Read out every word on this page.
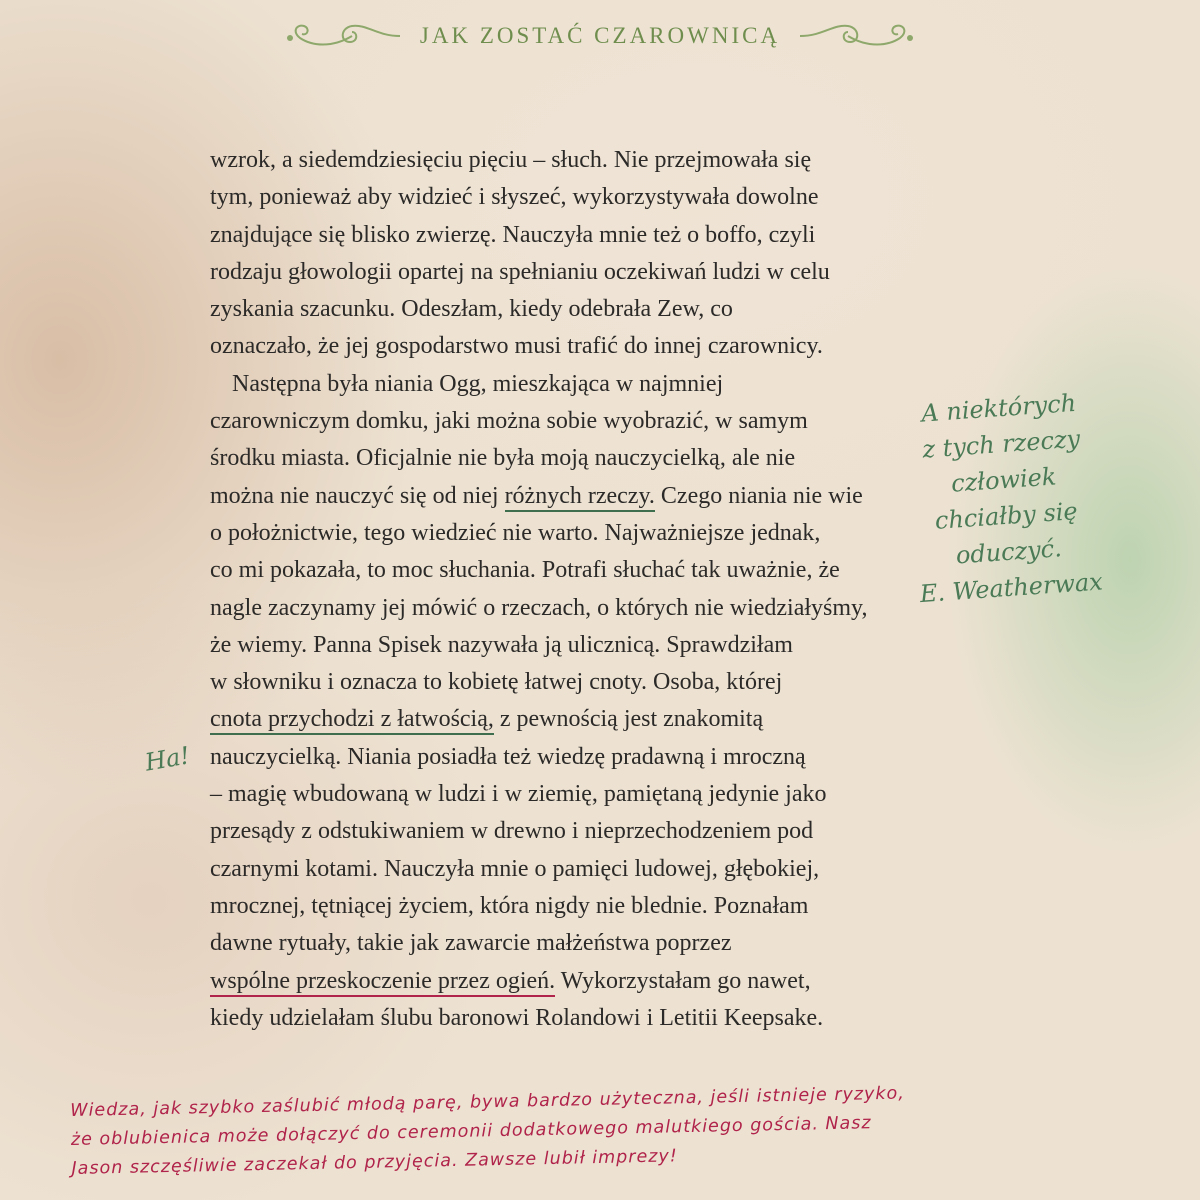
JAK ZOSTAĆ CZAROWNICĄ
wzrok, a siedemdziesięciu pięciu – słuch. Nie przejmowała się
tym, ponieważ aby widzieć i słyszeć, wykorzystywała dowolne
znajdujące się blisko zwierzę. Nauczyła mnie też o boffo, czyli
rodzaju głowologii opartej na spełnianiu oczekiwań ludzi w celu
zyskania szacunku. Odeszłam, kiedy odebrała Zew, co
oznaczało, że jej gospodarstwo musi trafić do innej czarownicy.
Następna była niania Ogg, mieszkająca w najmniej
czarowniczym domku, jaki można sobie wyobrazić, w samym
środku miasta. Oficjalnie nie była moją nauczycielką, ale nie
można nie nauczyć się od niej różnych rzeczy. Czego niania nie wie
o położnictwie, tego wiedzieć nie warto. Najważniejsze jednak,
co mi pokazała, to moc słuchania. Potrafi słuchać tak uważnie, że
nagle zaczynamy jej mówić o rzeczach, o których nie wiedziałyśmy,
że wiemy. Panna Spisek nazywała ją ulicznicą. Sprawdziłam
w słowniku i oznacza to kobietę łatwej cnoty. Osoba, której
cnota przychodzi z łatwością, z pewnością jest znakomitą
nauczycielką. Niania posiadła też wiedzę pradawną i mroczną
– magię wbudowaną w ludzi i w ziemię, pamiętaną jedynie jako
przesądy z odstukiwaniem w drewno i nieprzechodzeniem pod
czarnymi kotami. Nauczyła mnie o pamięci ludowej, głębokiej,
mrocznej, tętniącej życiem, która nigdy nie blednie. Poznałam
dawne rytuały, takie jak zawarcie małżeństwa poprzez
wspólne przeskoczenie przez ogień. Wykorzystałam go nawet,
kiedy udzielałam ślubu baronowi Rolandowi i Letitii Keepsake.
A niektórych
z tych rzeczy
człowiek
chciałby się
oduczyć.
E. Weatherwax
Ha!
Wiedza, jak szybko zaślubić młodą parę, bywa bardzo użyteczna, jeśli istnieje ryzyko,
że oblubienica może dołączyć do ceremonii dodatkowego malutkiego gościa. Nasz
Jason szczęśliwie zaczekał do przyjęcia. Zawsze lubił imprezy!
